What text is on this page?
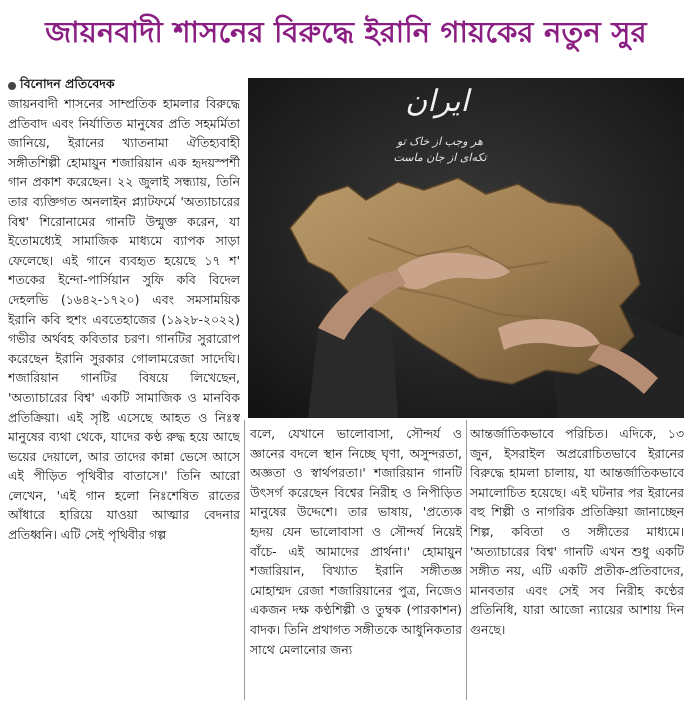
জায়নবাদী শাসনের বিরুদ্ধে ইরানি গায়কের নতুন সুর
বিনোদন প্রতিবেদক

জায়নবাদী শাসনের সাম্প্রতিক হামলার বিরুদ্ধে প্রতিবাদ এবং নির্যাতিত মানুষের প্রতি সহমর্মিতা জানিয়ে, ইরানের খ্যাতনামা ঐতিহ্যবাহী সঙ্গীতশিল্পী হোমায়ুন শজারিয়ান এক হৃদয়স্পর্শী গান প্রকাশ করেছেন। ২২ জুলাই সন্ধ্যায়, তিনি তার ব্যক্তিগত অনলাইন প্ল্যাটফর্মে 'অত্যাচারের বিশ্ব' শিরোনামের গানটি উন্মুক্ত করেন, যা ইতোমধ্যেই সামাজিক মাধ্যমে ব্যাপক সাড়া ফেলেছে। এই গানে ব্যবহৃত হয়েছে ১৭ শ' শতকের ইন্দো-পার্সিয়ান সুফি কবি বিদেল দেহলভি (১৬৪২-১৭২০) এবং সমসাময়িক ইরানি কবি হুশং এবতেহাজের (১৯২৮-২০২২) গভীর অর্থবহ কবিতার চরণ। গানটির সুরারোপ করেছেন ইরানি সুরকার গোলামরেজা সাদেঘি। শজারিয়ান গানটির বিষয়ে লিখেছেন, 'অত্যাচারের বিশ্ব' একটি সামাজিক ও মানবিক প্রতিক্রিয়া। এই সৃষ্টি এসেছে আহত ও নিঃস্ব মানুষের ব্যথা থেকে, যাদের কণ্ঠ রুদ্ধ হয়ে আছে ভয়ের দেয়ালে, আর তাদের কান্না ভেসে আসে এই পীড়িত পৃথিবীর বাতাসে।' তিনি আরো লেখেন, 'এই গান হলো নিঃশেষিত রাতের আঁধারে হারিয়ে যাওয়া আত্মার বেদনার প্রতিধ্বনি। এটি সেই পৃথিবীর গল্প

ایران
هر وجب از خاک تو
تکه‌ای از جان ماست

বলে, যেখানে ভালোবাসা, সৌন্দর্য ও জ্ঞানের বদলে স্থান নিচ্ছে ঘৃণা, অসুন্দরতা, অজ্ঞতা ও স্বার্থপরতা।' শজারিয়ান গানটি উৎসর্গ করেছেন বিশ্বের নিরীহ ও নিপীড়িত মানুষের উদ্দেশে। তার ভাষায়, 'প্রত্যেক হৃদয় যেন ভালোবাসা ও সৌন্দর্য নিয়েই বাঁচে- এই আমাদের প্রার্থনা।' হোমায়ুন শজারিয়ান, বিখ্যাত ইরানি সঙ্গীতজ্ঞ মোহাম্মদ রেজা শজারিয়ানের পুত্র, নিজেও একজন দক্ষ কণ্ঠশিল্পী ও তুম্বক (পারকাশন) বাদক। তিনি প্রথাগত সঙ্গীতকে আধুনিকতার সাথে মেলানোর জন্য

আন্তর্জাতিকভাবে পরিচিত। এদিকে, ১৩ জুন, ইসরাইল অপ্ররোচিতভাবে ইরানের বিরুদ্ধে হামলা চালায়, যা আন্তর্জাতিকভাবে সমালোচিত হয়েছে। এই ঘটনার পর ইরানের বহু শিল্পী ও নাগরিক প্রতিক্রিয়া জানাচ্ছেন শিল্প, কবিতা ও সঙ্গীতের মাধ্যমে। 'অত্যাচারের বিশ্ব' গানটি এখন শুধু একটি সঙ্গীত নয়, এটি একটি প্রতীক-প্রতিবাদের, মানবতার এবং সেই সব নিরীহ কণ্ঠের প্রতিনিধি, যারা আজো ন্যায়ের আশায় দিন গুনছে।
